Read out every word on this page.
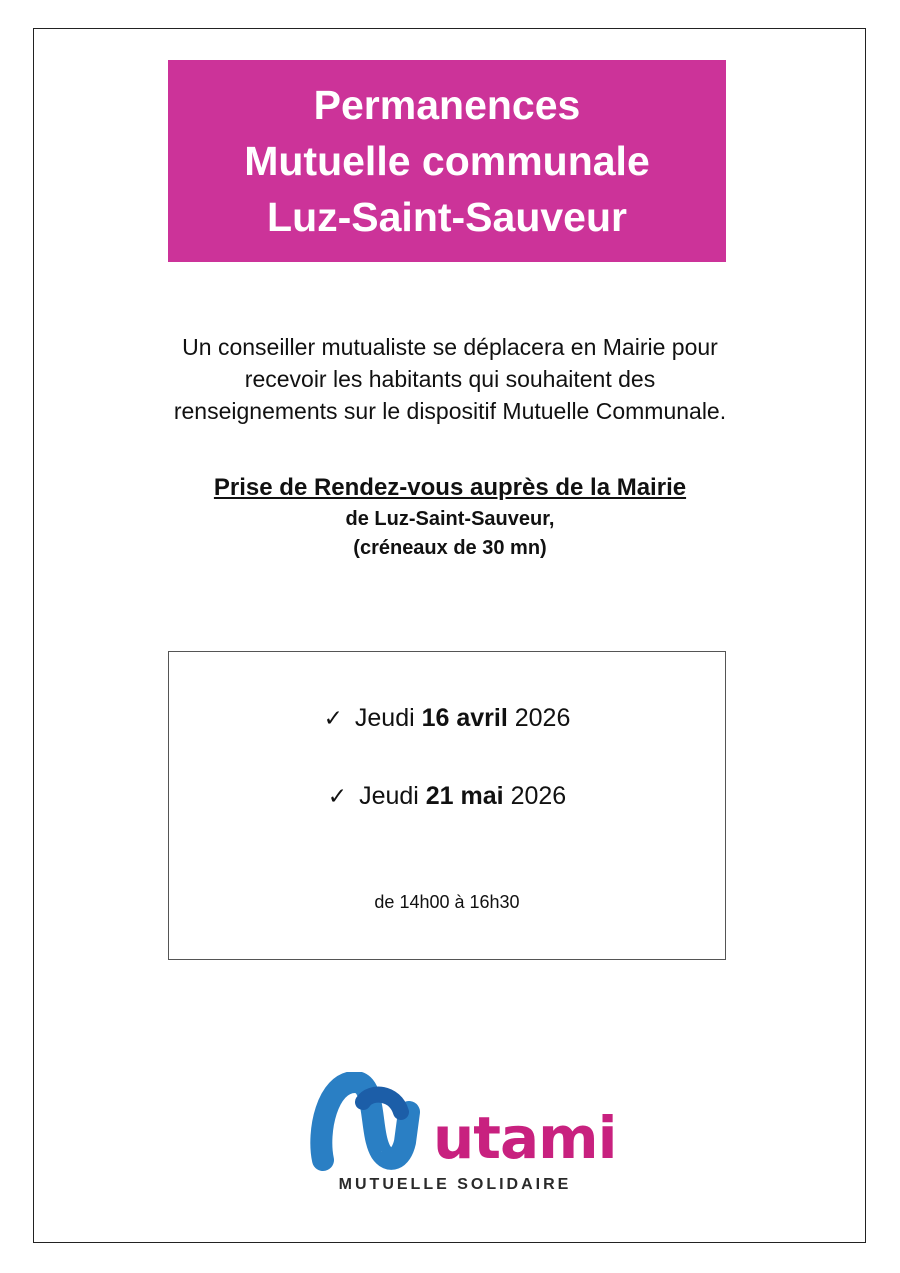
Permanences
Mutuelle communale
Luz-Saint-Sauveur
Un conseiller mutualiste se déplacera en Mairie pour
recevoir les habitants qui souhaitent des
renseignements sur le dispositif Mutuelle Communale.
Prise de Rendez-vous auprès de la Mairie
de Luz-Saint-Sauveur,
(créneaux de 30 mn)
✓ Jeudi 16 avril 2026
✓ Jeudi 21 mai 2026
de 14h00 à 16h30
utami
MUTUELLE SOLIDAIRE
